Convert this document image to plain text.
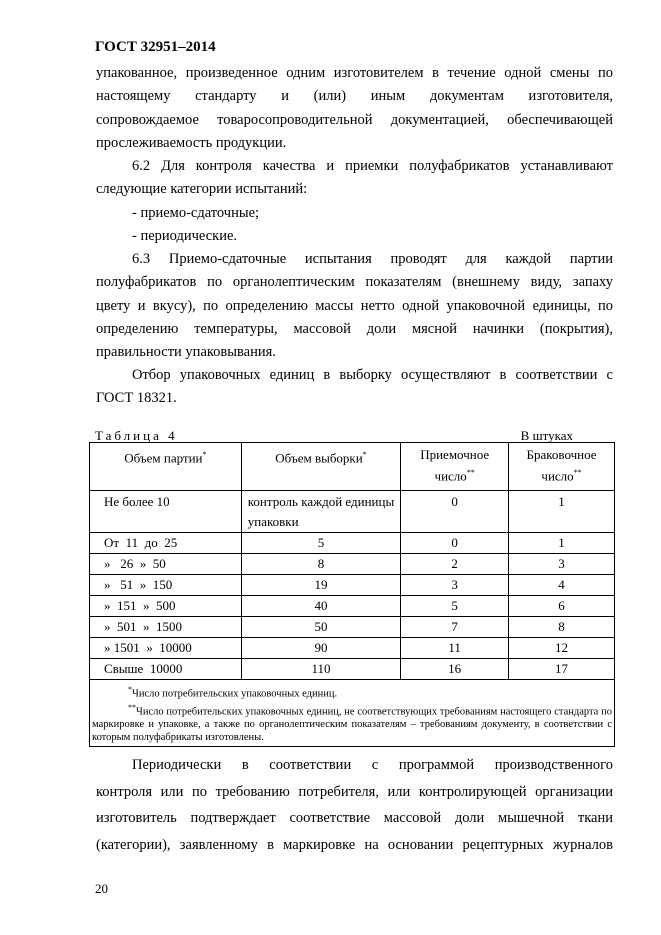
ГОСТ 32951–2014
упакованное, произведенное одним изготовителем в течение одной смены по
настоящему стандарту и (или) иным документам изготовителя,
сопровождаемое товаросопроводительной документацией, обеспечивающей
прослеживаемость продукции.
6.2 Для контроля качества и приемки полуфабрикатов устанавливают
следующие категории испытаний:
- приемо-сдаточные;
- периодические.
6.3 Приемо-сдаточные испытания проводят для каждой партии
полуфабрикатов по органолептическим показателям (внешнему виду, запаху
цвету и вкусу), по определению массы нетто одной упаковочной единицы, по
определению температуры, массовой доли мясной начинки (покрытия),
правильности упаковывания.
Отбор упаковочных единиц в выборку осуществляют в соответствии с
ГОСТ 18321.
Таблица 4	В штуках
Объем партии*	Объем выборки*	Приемочное число**	Браковочное число**
Не более 10	контроль каждой единицы упаковки	0	1
От  11  до  25	5	0	1
»   26  »  50	8	2	3
»   51  »  150	19	3	4
»  151  »  500	40	5	6
»  501  »  1500	50	7	8
» 1501  »  10000	90	11	12
Свыше  10000	110	16	17

*Число потребительских упаковочных единиц.
**Число потребительских упаковочных единиц, не соответствующих требованиям настоящего стандарта по маркировке и упаковке, а также по органолептическим показателям – требованиям документу, в соответствии с которым полуфабрикаты изготовлены.			
Периодически в соответствии с программой производственного
контроля или по требованию потребителя, или контролирующей организации
изготовитель подтверждает соответствие массовой доли мышечной ткани
(категории), заявленному в маркировке на основании рецептурных журналов
20
